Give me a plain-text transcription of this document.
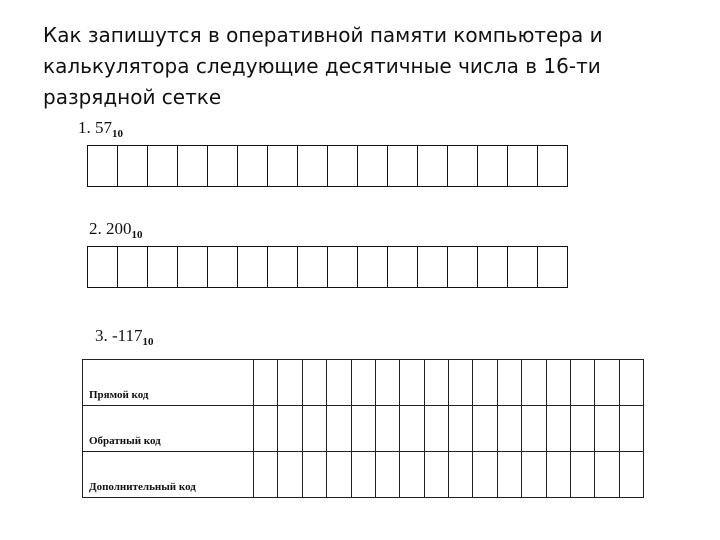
Как запишутся в оперативной памяти компьютера и калькулятора следующие десятичные числа в 16-ти разрядной сетке
1. $57_{10}$
2. $200_{10}$
3. $-117_{10}$
Прямой код																
Обратный код																
Дополнительный код																
